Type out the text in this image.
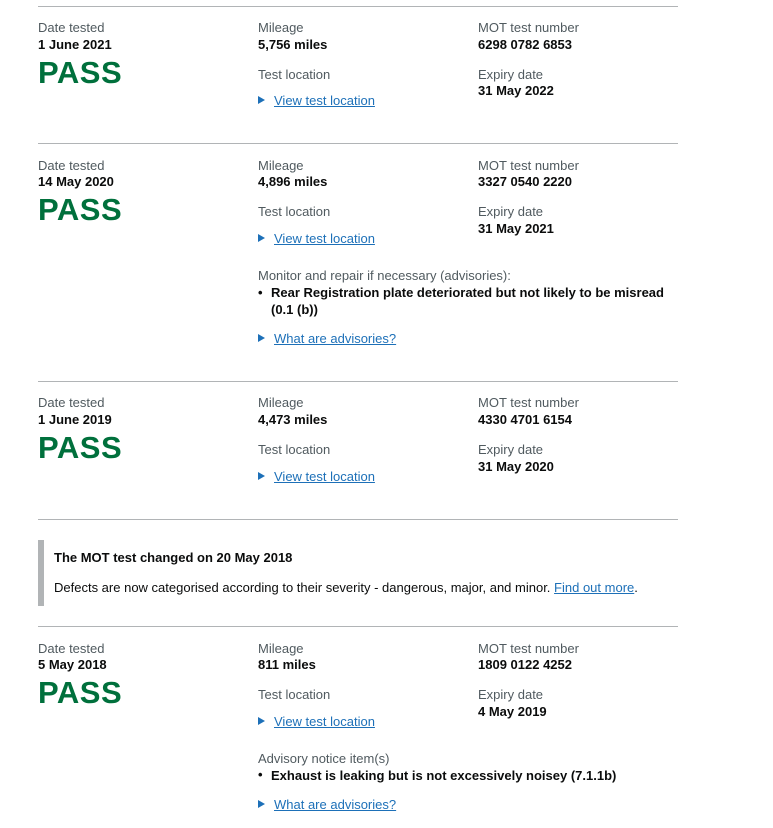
Date tested
1 June 2021
PASS
Mileage
5,756 miles
Test location
View test location
MOT test number
6298 0782 6853
Expiry date
31 May 2022
Date tested
14 May 2020
PASS
Mileage
4,896 miles
Test location
View test location
Monitor and repair if necessary (advisories):
• Rear Registration plate deteriorated but not likely to be misread (0.1 (b))
What are advisories?
MOT test number
3327 0540 2220
Expiry date
31 May 2021
Date tested
1 June 2019
PASS
Mileage
4,473 miles
Test location
View test location
MOT test number
4330 4701 6154
Expiry date
31 May 2020
The MOT test changed on 20 May 2018
Defects are now categorised according to their severity - dangerous, major, and minor. Find out more.
Date tested
5 May 2018
PASS
Mileage
811 miles
Test location
View test location
Advisory notice item(s)
• Exhaust is leaking but is not excessively noisey (7.1.1b)
What are advisories?
MOT test number
1809 0122 4252
Expiry date
4 May 2019
